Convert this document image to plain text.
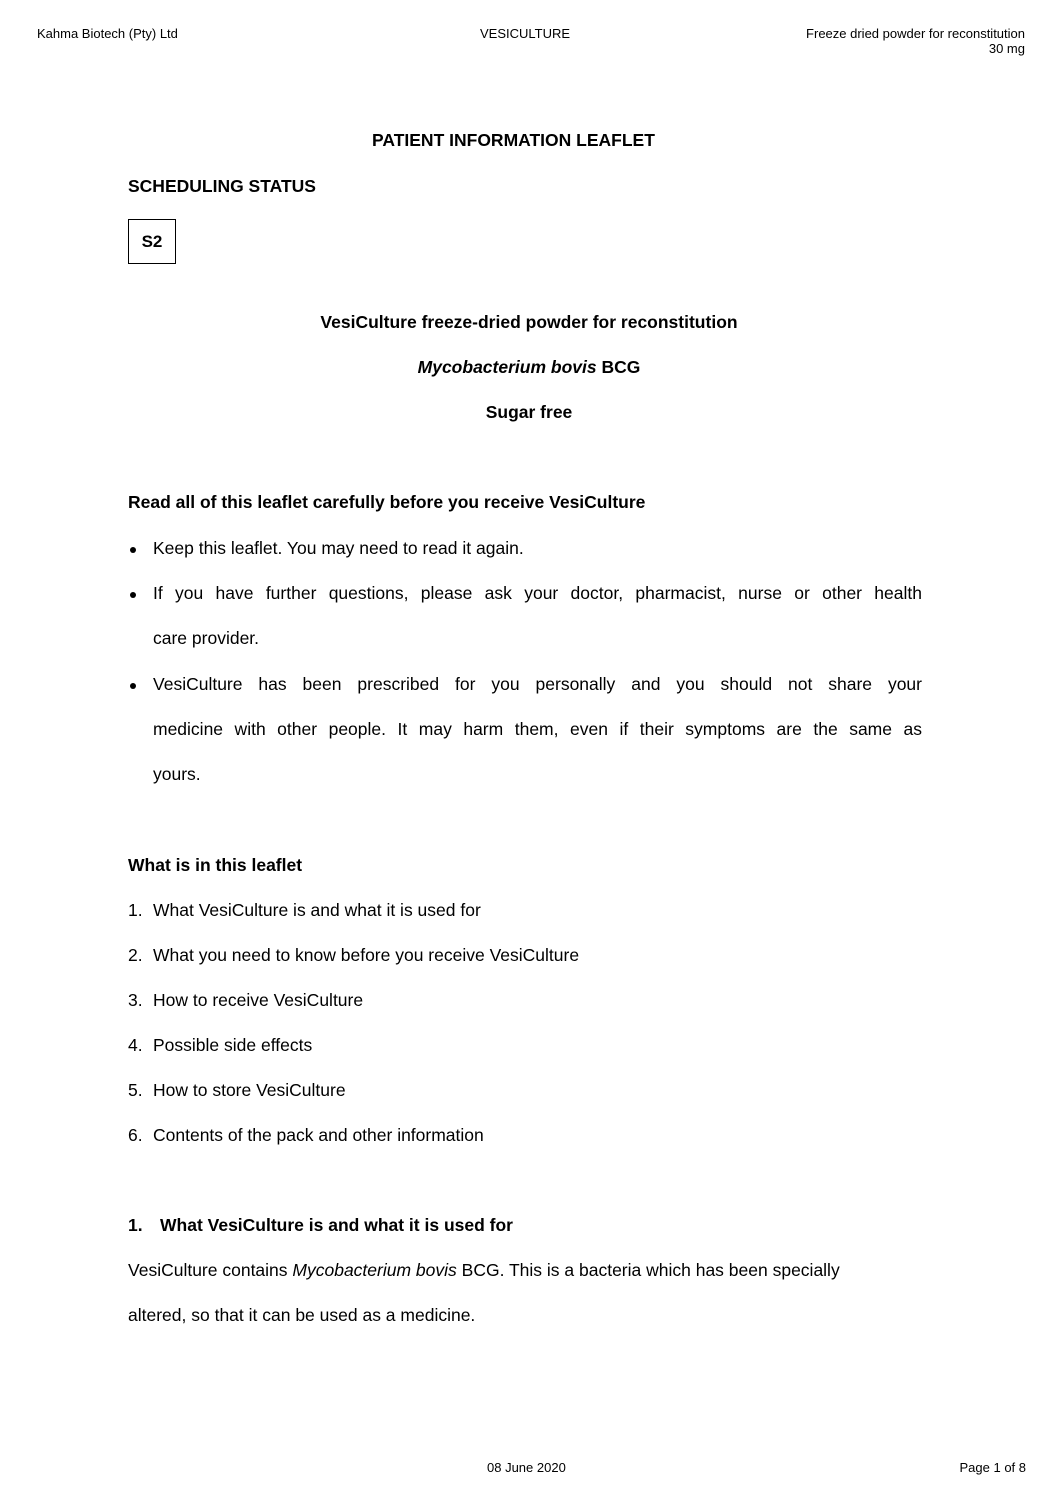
Kahma Biotech (Pty) Ltd	VESICULTURE	Freeze dried powder for reconstitution
30 mg
PATIENT INFORMATION LEAFLET
SCHEDULING STATUS
S2
VesiCulture freeze-dried powder for reconstitution
Mycobacterium bovis BCG
Sugar free
Read all of this leaflet carefully before you receive VesiCulture
Keep this leaflet. You may need to read it again.
If you have further questions, please ask your doctor, pharmacist, nurse or other health
care provider.
VesiCulture has been prescribed for you personally and you should not share your
medicine with other people. It may harm them, even if their symptoms are the same as
yours.
What is in this leaflet
1. What VesiCulture is and what it is used for
2. What you need to know before you receive VesiCulture
3. How to receive VesiCulture
4. Possible side effects
5. How to store VesiCulture
6. Contents of the pack and other information
1. What VesiCulture is and what it is used for
VesiCulture contains Mycobacterium bovis BCG. This is a bacteria which has been specially
altered, so that it can be used as a medicine.
08 June 2020	Page 1 of 8
